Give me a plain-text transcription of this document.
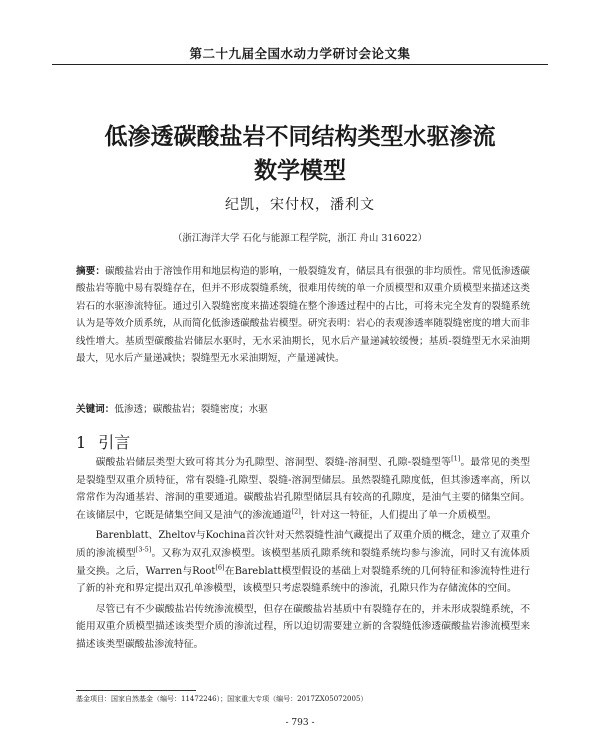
第二十九届全国水动力学研讨会论文集
低渗透碳酸盐岩不同结构类型水驱渗流
数学模型
纪凯，宋付权，潘利文
（浙江海洋大学 石化与能源工程学院，浙江 舟山 316022）
摘要：碳酸盐岩由于溶蚀作用和地层构造的影响，一般裂缝发育，储层具有很强的非均质性。常见低渗透碳酸盐岩等脆中易有裂缝存在，但并不形成裂缝系统，很难用传统的单一介质模型和双重介质模型来描述这类岩石的水驱渗流特征。通过引入裂缝密度来描述裂缝在整个渗透过程中的占比，可将未完全发育的裂缝系统认为是等效介质系统，从而简化低渗透碳酸盐岩模型。研究表明：岩心的表观渗透率随裂缝密度的增大而非线性增大。基质型碳酸盐岩储层水驱时，无水采油期长，见水后产量递减较缓慢；基质-裂缝型无水采油期最大，见水后产量递减快；裂缝型无水采油期短，产量递减快。
关键词：低渗透；碳酸盐岩；裂缝密度；水驱
1 引言

碳酸盐岩储层类型大致可将其分为孔隙型、溶洞型、裂缝-溶洞型、孔隙-裂缝型等[1]。最常见的类型是裂缝型双重介质特征，常有裂缝-孔隙型、裂缝-溶洞型储层。虽然裂缝孔隙度低，但其渗透率高，所以常常作为沟通基岩、溶洞的重要通道。碳酸盐岩孔隙型储层具有较高的孔隙度，是油气主要的储集空间。在该储层中，它既是储集空间又是油气的渗流通道[2]，针对这一特征，人们提出了单一介质模型。

Barenblatt、Zheltov与Kochina首次针对天然裂缝性油气藏提出了双重介质的概念，建立了双重介质的渗流模型[3-5]。又称为双孔双渗模型。该模型基质孔隙系统和裂缝系统均参与渗流，同时又有流体质量交换。之后，Warren与Root[6]在Bareblatt模型假设的基础上对裂缝系统的几何特征和渗流特性进行了新的补充和界定提出双孔单渗模型，该模型只考虑裂缝系统中的渗流，孔隙只作为存储流体的空间。

尽管已有不少碳酸盐岩传统渗流模型，但存在碳酸盐岩基质中有裂缝存在的，并未形成裂缝系统，不能用双重介质模型描述该类型介质的渗流过程，所以迫切需要建立新的含裂缝低渗透碳酸盐岩渗流模型来描述该类型碳酸盐渗流特征。

基金项目：国家自然基金（编号：11472246）；国家重大专项（编号：2017ZX05072005）
- 793 -
